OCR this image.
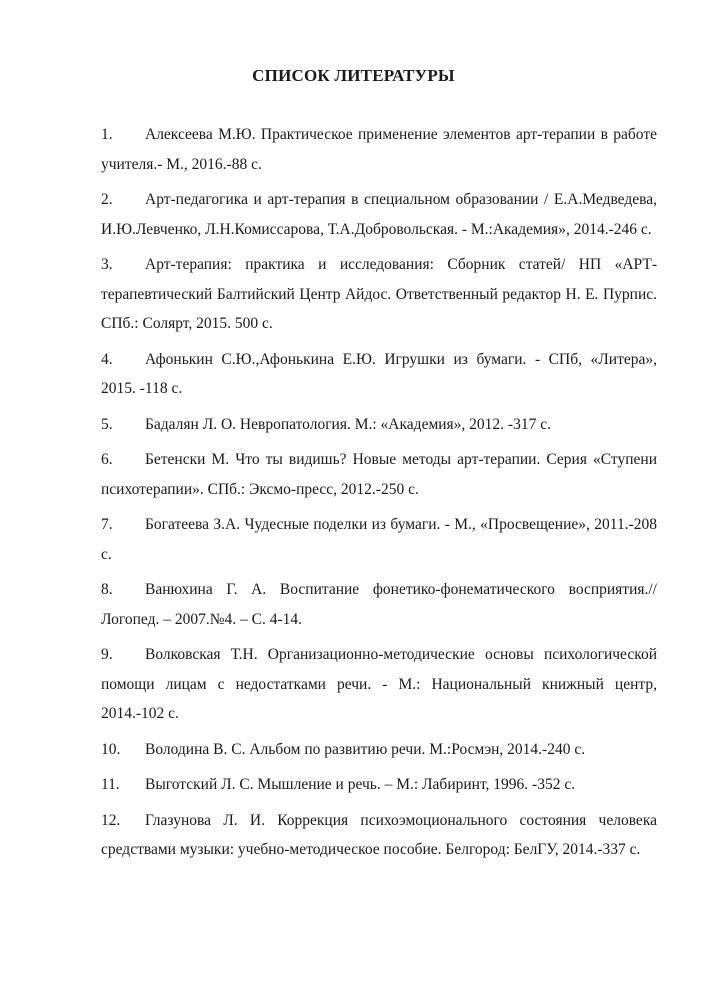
СПИСОК ЛИТЕРАТУРЫ
1. Алексеева М.Ю. Практическое применение элементов арт-терапии в работе учителя.- М., 2016.-88 с.
2. Арт-педагогика и арт-терапия в специальном образовании / Е.А.Медведева, И.Ю.Левченко, Л.Н.Комиссарова, Т.А.Добровольская. - М.:Академия», 2014.-246 с.
3. Арт-терапия: практика и исследования: Сборник статей/ НП «АРТ-терапевтический Балтийский Центр Айдос. Ответственный редактор Н. Е. Пурпис. СПб.: Солярт, 2015. 500 с.
4. Афонькин С.Ю.,Афонькина Е.Ю. Игрушки из бумаги. - СПб, «Литера», 2015. -118 с.
5. Бадалян Л. О. Невропатология. М.: «Академия», 2012. -317 с.
6. Бетенски М. Что ты видишь? Новые методы арт-терапии. Серия «Ступени психотерапии». СПб.: Эксмо-пресс, 2012.-250 с.
7. Богатеева З.А. Чудесные поделки из бумаги. - М., «Просвещение», 2011.-208 с.
8. Ванюхина Г. А. Воспитание фонетико-фонематического восприятия.// Логопед. – 2007.№4. – С. 4-14.
9. Волковская Т.Н. Организационно-методические основы психологической помощи лицам с недостатками речи. - М.: Национальный книжный центр, 2014.-102 с.
10. Володина В. С. Альбом по развитию речи. М.:Росмэн, 2014.-240 с.
11. Выготский Л. С. Мышление и речь. – М.: Лабиринт, 1996. -352 с.
12. Глазунова Л. И. Коррекция психоэмоционального состояния человека средствами музыки: учебно-методическое пособие. Белгород: БелГУ, 2014.-337 с.
